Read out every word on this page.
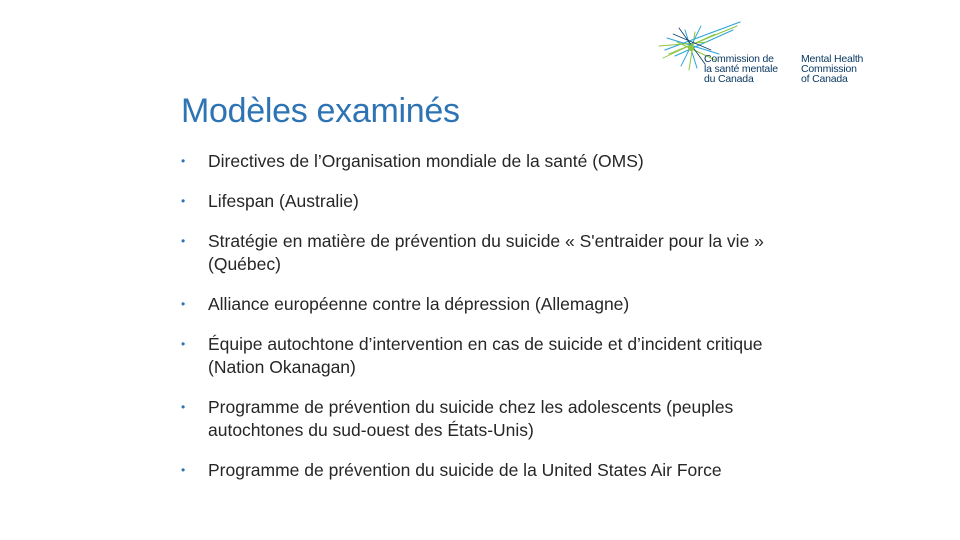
Commission de
la santé mentale
du Canada
Mental Health
Commission
of Canada
Modèles examinés
•	Directives de l’Organisation mondiale de la santé (OMS)
•	Lifespan (Australie)
•	Stratégie en matière de prévention du suicide « S'entraider pour la vie » (Québec)
•	Alliance européenne contre la dépression (Allemagne)
•	Équipe autochtone d’intervention en cas de suicide et d’incident critique (Nation Okanagan)
•	Programme de prévention du suicide chez les adolescents (peuples autochtones du sud-ouest des États-Unis)
•	Programme de prévention du suicide de la United States Air Force
